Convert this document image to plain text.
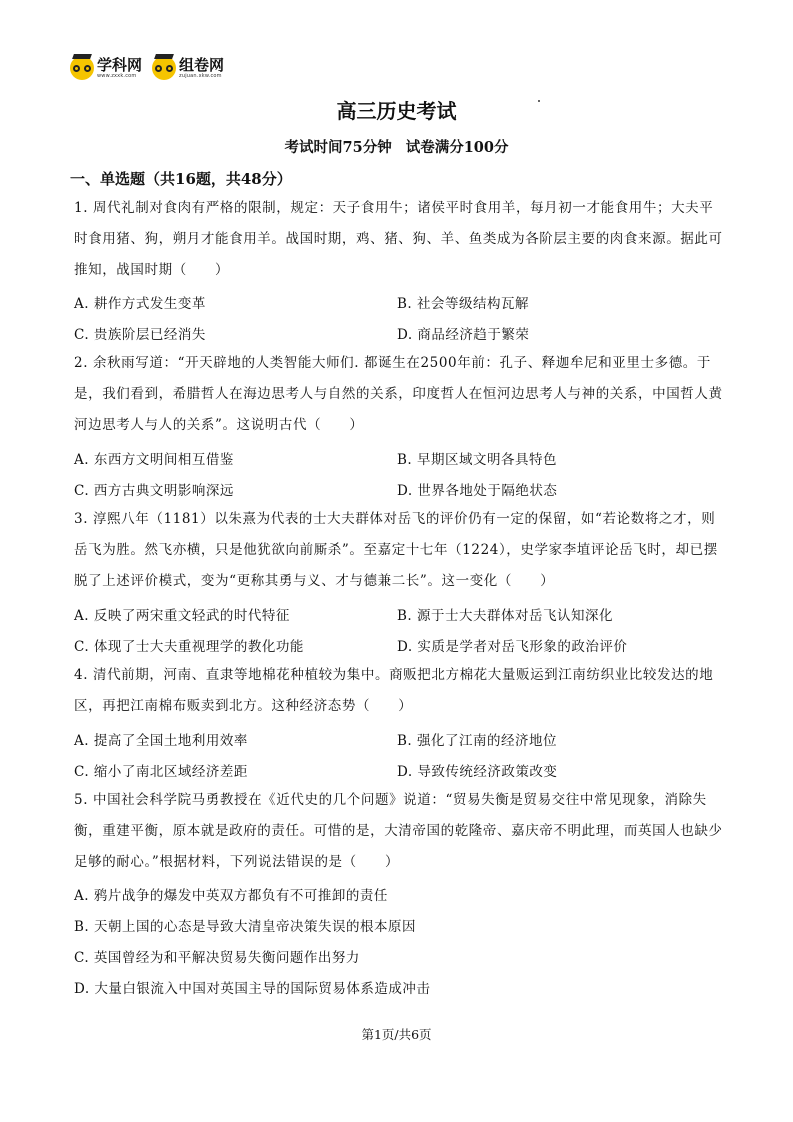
学科网
www.zxxk.com
组卷网
zujuan.xkw.com
高三历史考试
考试时间75分钟 试卷满分100分
一、单选题（共16题，共48分）
1. 周代礼制对食肉有严格的限制，规定：天子食用牛；诸侯平时食用羊，每月初一才能食用牛；大夫平时食用猪、狗，朔月才能食用羊。战国时期，鸡、猪、狗、羊、鱼类成为各阶层主要的肉食来源。据此可推知，战国时期（　　）
A. 耕作方式发生变革	B. 社会等级结构瓦解
C. 贵族阶层已经消失	D. 商品经济趋于繁荣
2. 余秋雨写道：“开天辟地的人类智能大师们. 都诞生在2500年前：孔子、释迦牟尼和亚里士多德。于是，我们看到，希腊哲人在海边思考人与自然的关系，印度哲人在恒河边思考人与神的关系，中国哲人黄河边思考人与人的关系”。这说明古代（　　）
A. 东西方文明间相互借鉴	B. 早期区域文明各具特色
C. 西方古典文明影响深远	D. 世界各地处于隔绝状态
3. 淳熙八年（1181）以朱熹为代表的士大夫群体对岳飞的评价仍有一定的保留，如“若论数将之才，则岳飞为胜。然飞亦横，只是他犹欲向前厮杀”。至嘉定十七年（1224），史学家李埴评论岳飞时，却已摆脱了上述评价模式，变为“更称其勇与义、才与德兼二长”。这一变化（　　）
A. 反映了两宋重文轻武的时代特征	B. 源于士大夫群体对岳飞认知深化
C. 体现了士大夫重视理学的教化功能	D. 实质是学者对岳飞形象的政治评价
4. 清代前期，河南、直隶等地棉花种植较为集中。商贩把北方棉花大量贩运到江南纺织业比较发达的地区，再把江南棉布贩卖到北方。这种经济态势（　　）
A. 提高了全国土地利用效率	B. 强化了江南的经济地位
C. 缩小了南北区域经济差距	D. 导致传统经济政策改变
5. 中国社会科学院马勇教授在《近代史的几个问题》说道：“贸易失衡是贸易交往中常见现象，消除失衡，重建平衡，原本就是政府的责任。可惜的是，大清帝国的乾隆帝、嘉庆帝不明此理，而英国人也缺少足够的耐心。”根据材料，下列说法错误的是（　　）
A. 鸦片战争的爆发中英双方都负有不可推卸的责任
B. 天朝上国的心态是导致大清皇帝决策失误的根本原因
C. 英国曾经为和平解决贸易失衡问题作出努力
D. 大量白银流入中国对英国主导的国际贸易体系造成冲击
第1页/共6页
